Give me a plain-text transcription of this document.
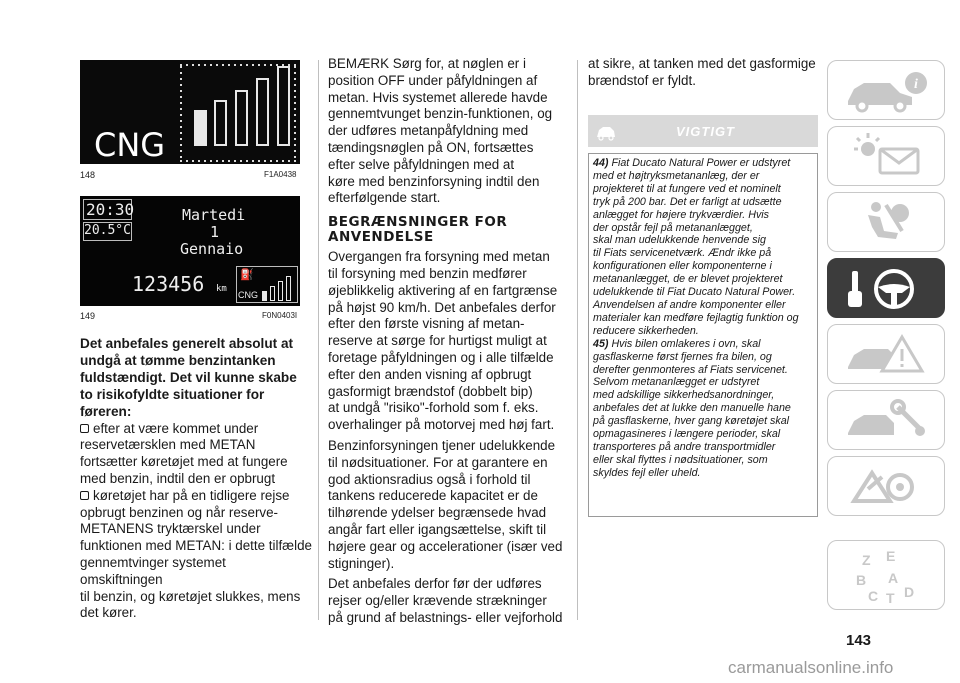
CNG
148	F1A0438
20:30
20.5°C
Martedi
1
Gennaio
123456 km
⛽
CNG
149	F0N0403I

Det anbefales generelt absolut at undgå at tømme benzintanken fuldstændigt. Det vil kunne skabe to risikofyldte situationer for føreren:

efter at være kommet under
reservetærsklen med METAN
fortsætter køretøjet med at fungere
med benzin, indtil den er opbrugt

køretøjet har på en tidligere rejse
opbrugt benzinen og når reserve-
METANENS tryktærskel under
funktionen med METAN: i dette tilfælde
gennemtvinger systemet omskiftningen
til benzin, og køretøjet slukkes, mens
det kører.

BEMÆRK Sørg for, at nøglen er i
position OFF under påfyldningen af
metan. Hvis systemet allerede havde
gennemtvunget benzin-funktionen, og
der udføres metanpåfyldning med
tændingsnøglen på ON, fortsættes
efter selve påfyldningen med at
køre med benzinforsyning indtil den
efterfølgende start.

BEGRÆNSNINGER FOR ANVENDELSE

Overgangen fra forsyning med metan
til forsyning med benzin medfører
øjeblikkelig aktivering af en fartgrænse
på højst 90 km/h. Det anbefales derfor
efter den første visning af metan-
reserve at sørge for hurtigst muligt at
foretage påfyldningen og i alle tilfælde
efter den anden visning af opbrugt
gasformigt brændstof (dobbelt bip)
at undgå "risiko"-forhold som f. eks.
overhalinger på motorvej med høj fart.

Benzinforsyningen tjener udelukkende
til nødsituationer. For at garantere en
god aktionsradius også i forhold til
tankens reducerede kapacitet er de
tilhørende ydelser begrænsede hvad
angår fart eller igangsættelse, skift til
højere gear og accelerationer (især ved
stigninger).

Det anbefales derfor før der udføres
rejser og/eller krævende strækninger
på grund af belastnings- eller vejforhold

at sikre, at tanken med det gasformige
brændstof er fyldt.

VIGTIGT

44) Fiat Ducato Natural Power er udstyret
med et højtryksmetananlæg, der er
projekteret til at fungere ved et nominelt
tryk på 200 bar. Det er farligt at udsætte
anlægget for højere trykværdier. Hvis
der opstår fejl på metananlægget,
skal man udelukkende henvende sig
til Fiats servicenetværk. Ændr ikke på
konfigurationen eller komponenterne i
metananlægget, de er blevet projekteret
udelukkende til Fiat Ducato Natural Power.
Anvendelsen af andre komponenter eller
materialer kan medføre fejlagtig funktion og
reducere sikkerheden.

45) Hvis bilen omlakeres i ovn, skal
gasflaskerne først fjernes fra bilen, og
derefter genmonteres af Fiats servicenet.
Selvom metananlægget er udstyret
med adskillige sikkerhedsanordninger,
anbefales det at lukke den manuelle hane
på gasflaskerne, hver gang køretøjet skal
opmagasineres i længere perioder, skal
transporteres på andre transportmidler
eller skal flyttes i nødsituationer, som
skyldes fejl eller uheld.

i
Z E
B A
C D
T
143
carmanualsonline.info
